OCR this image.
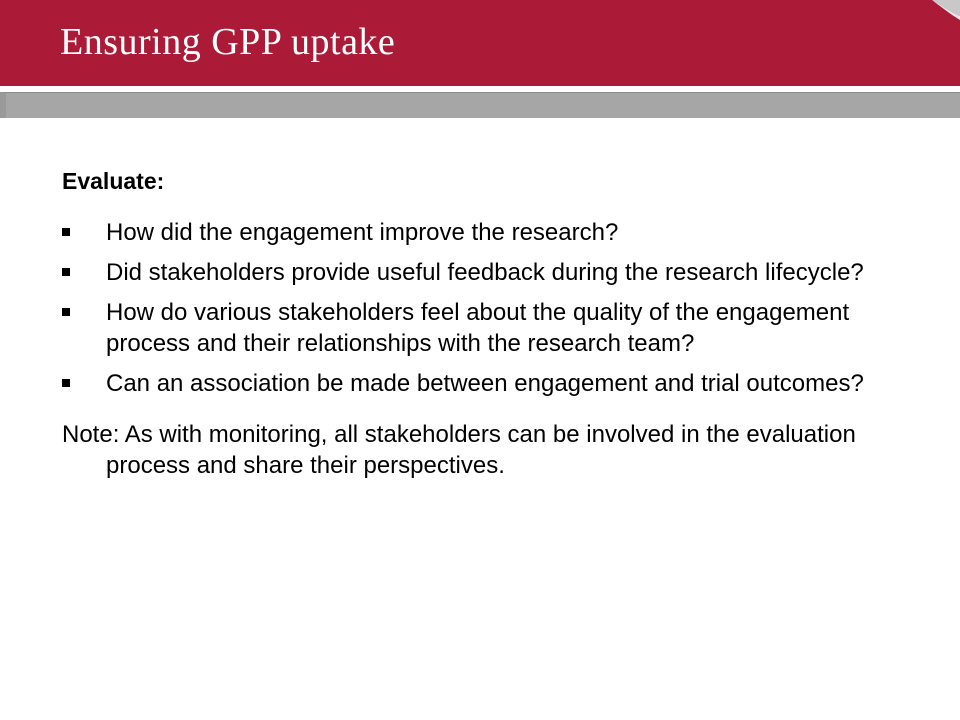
Ensuring GPP uptake
Evaluate:
How did the engagement improve the research?
Did stakeholders provide useful feedback during the research lifecycle?
How do various stakeholders feel about the quality of the engagement process and their relationships with the research team?
Can an association be made between engagement and trial outcomes?
Note: As with monitoring, all stakeholders can be involved in the evaluation process and share their perspectives.
